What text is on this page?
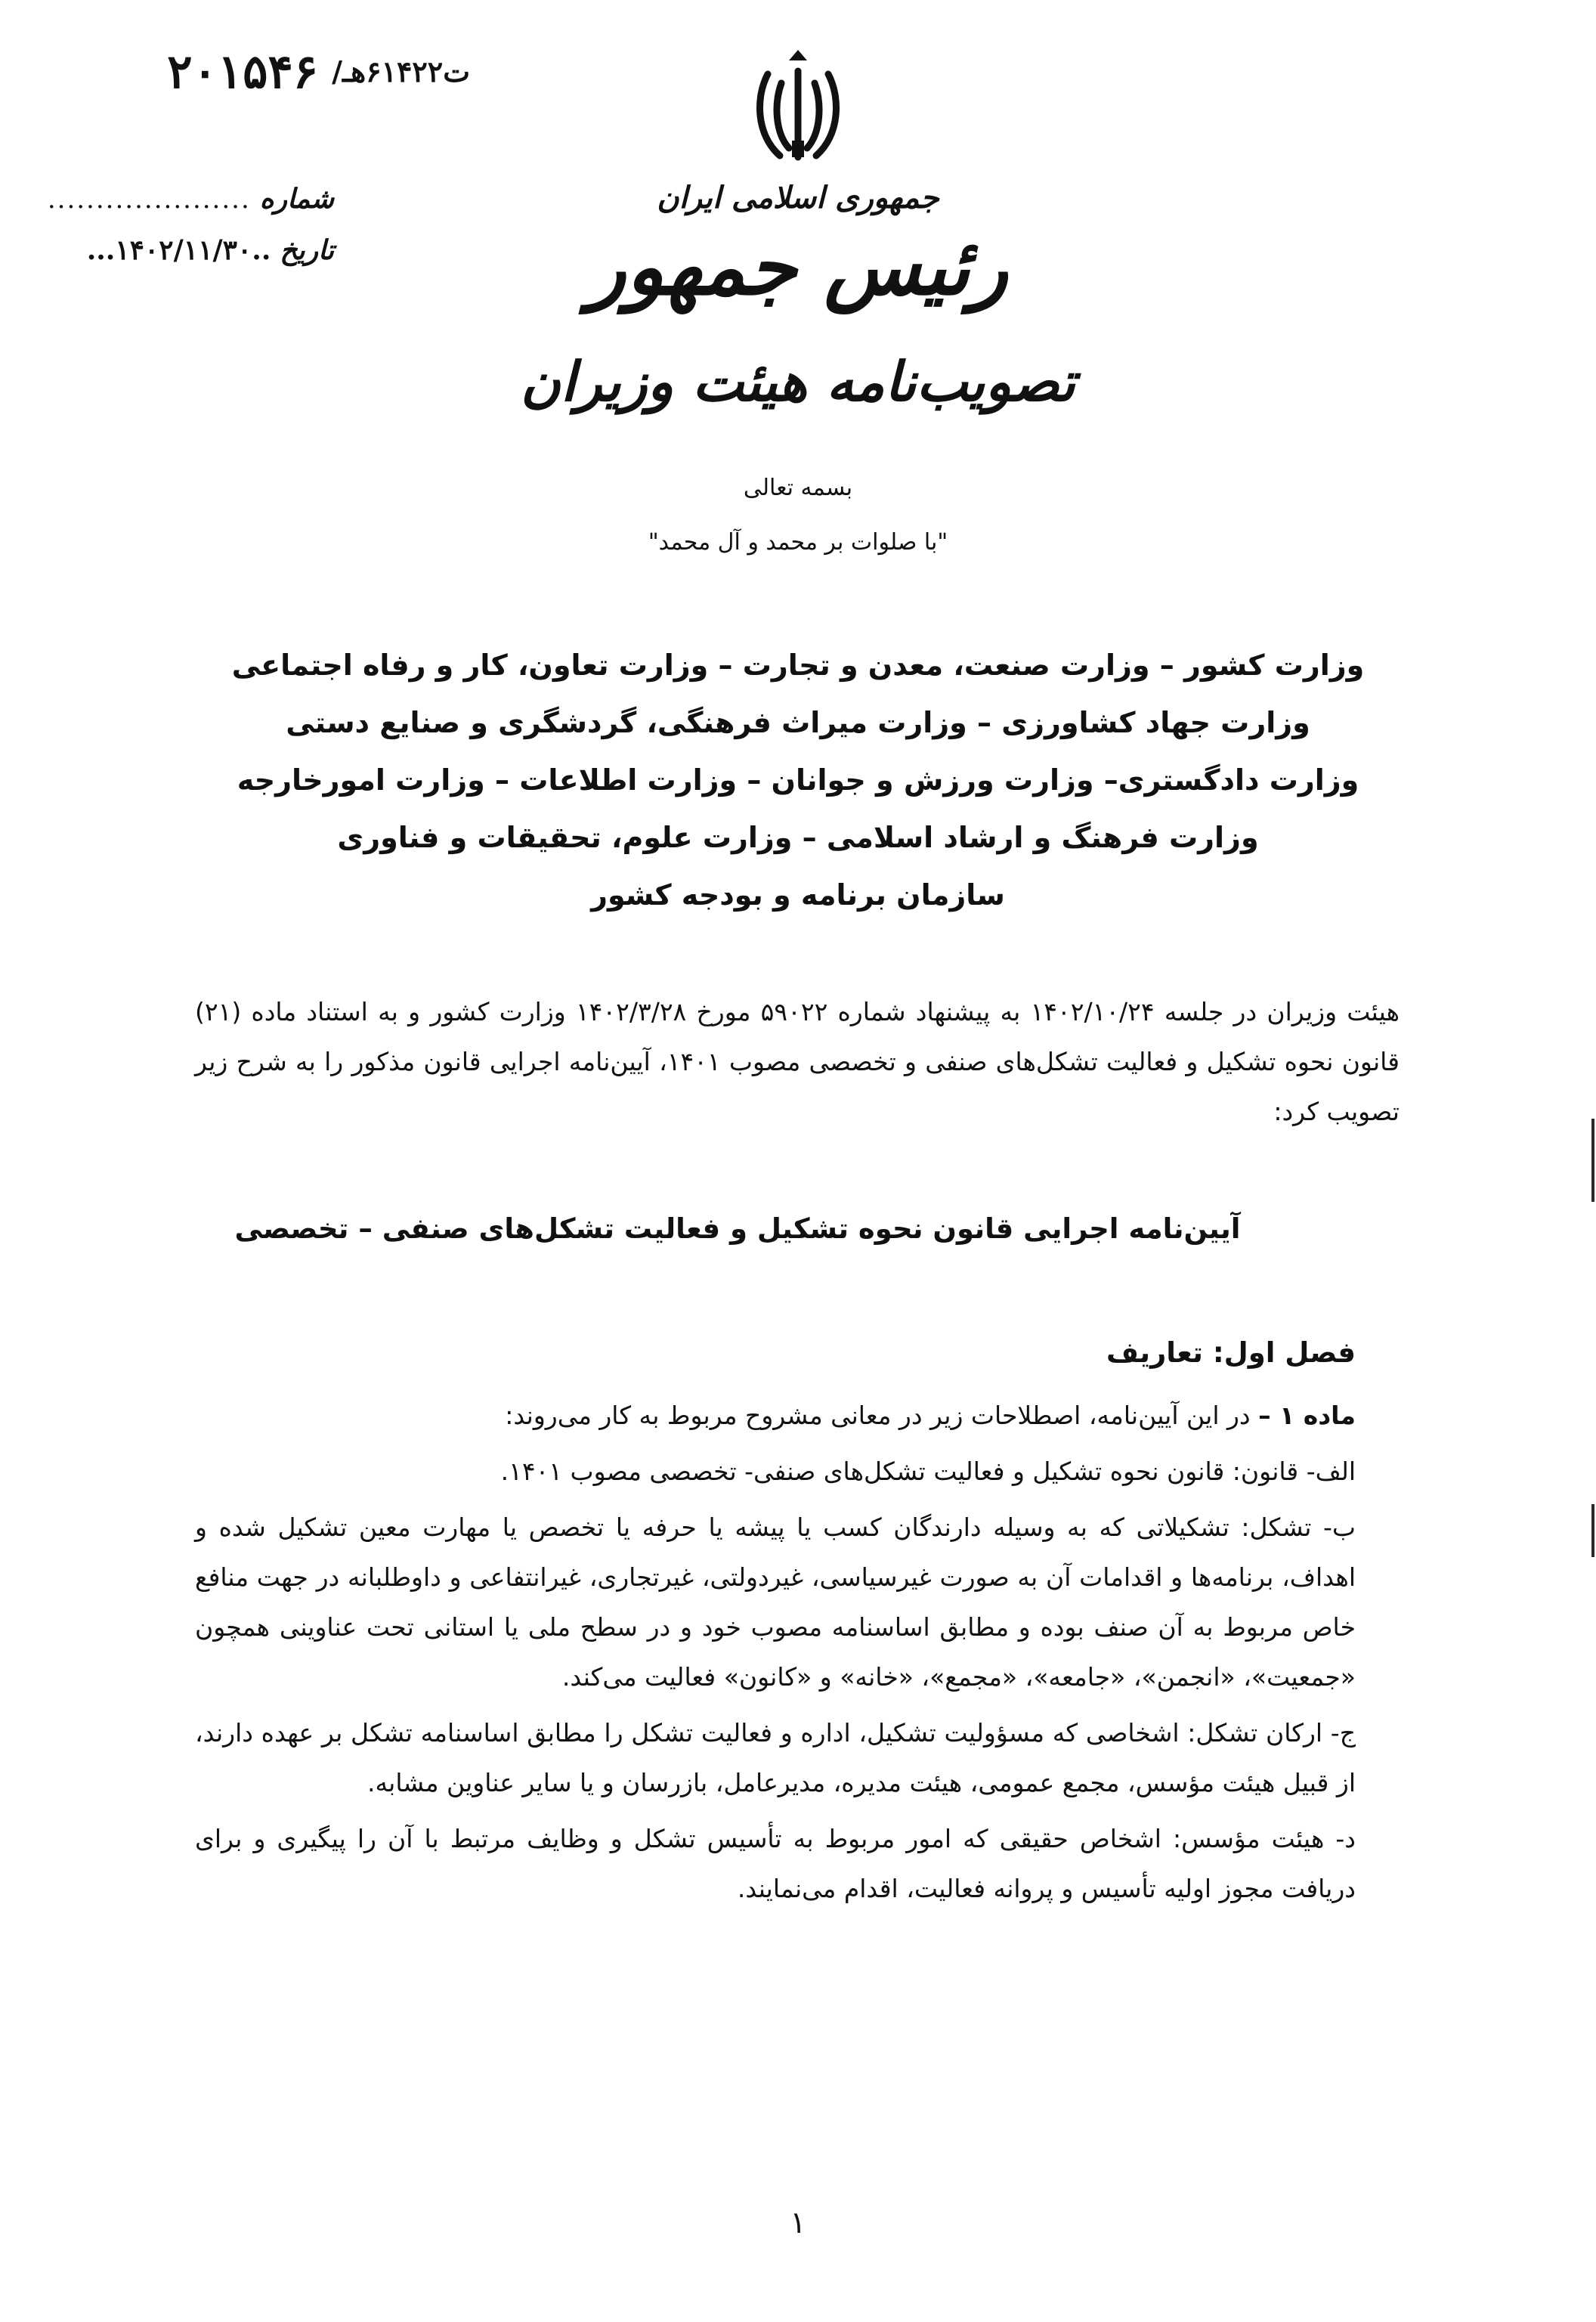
ت۶۱۴۲۲هـ/
۲۰۱۵۴۶
شماره
.....................
تاریخ
..۱۴۰۲/۱۱/۳۰...
جمهوری اسلامی ایران
رئیس جمهور
تصویب‌نامه هیئت وزیران
بسمه تعالی
"با صلوات بر محمد و آل محمد"
وزارت کشور – وزارت صنعت، معدن و تجارت – وزارت تعاون، کار و رفاه اجتماعی
وزارت جهاد کشاورزی – وزارت میراث فرهنگی، گردشگری و صنایع دستی
وزارت دادگستری– وزارت ورزش و جوانان – وزارت اطلاعات – وزارت امورخارجه
وزارت فرهنگ و ارشاد اسلامی – وزارت علوم، تحقیقات و فناوری
سازمان برنامه و بودجه کشور
هیئت وزیران در جلسه ۱۴۰۲/۱۰/۲۴ به پیشنهاد شماره ۵۹۰۲۲ مورخ ۱۴۰۲/۳/۲۸ وزارت کشور و به استناد ماده (۲۱) قانون نحوه تشکیل و فعالیت تشکل‌های صنفی و تخصصی مصوب ۱۴۰۱، آیین‌نامه اجرایی قانون مذکور را به شرح زیر تصویب کرد:
آیین‌نامه اجرایی قانون نحوه تشکیل و فعالیت تشکل‌های صنفی – تخصصی
فصل اول: تعاریف

ماده ۱ – در این آیین‌نامه، اصطلاحات زیر در معانی مشروح مربوط به کار می‌روند:

الف- قانون: قانون نحوه تشکیل و فعالیت تشکل‌های صنفی- تخصصی مصوب ۱۴۰۱.

ب- تشکل: تشکیلاتی که به وسیله دارندگان کسب یا پیشه یا حرفه یا تخصص یا مهارت معین تشکیل شده و اهداف، برنامه‌ها و اقدامات آن به صورت غیرسیاسی، غیردولتی، غیرتجاری، غیرانتفاعی و داوطلبانه در جهت منافع خاص مربوط به آن صنف بوده و مطابق اساسنامه مصوب خود و در سطح ملی یا استانی تحت عناوینی همچون «جمعیت»، «انجمن»، «جامعه»، «مجمع»، «خانه» و «کانون» فعالیت می‌کند.

ج- ارکان تشکل: اشخاصی که مسؤولیت تشکیل، اداره و فعالیت تشکل را مطابق اساسنامه تشکل بر عهده دارند، از قبیل هیئت مؤسس، مجمع عمومی، هیئت مدیره، مدیرعامل، بازرسان و یا سایر عناوین مشابه.

د- هیئت مؤسس: اشخاص حقیقی که امور مربوط به تأسیس تشکل و وظایف مرتبط با آن را پیگیری و برای دریافت مجوز اولیه تأسیس و پروانه فعالیت، اقدام می‌نمایند.

۱
